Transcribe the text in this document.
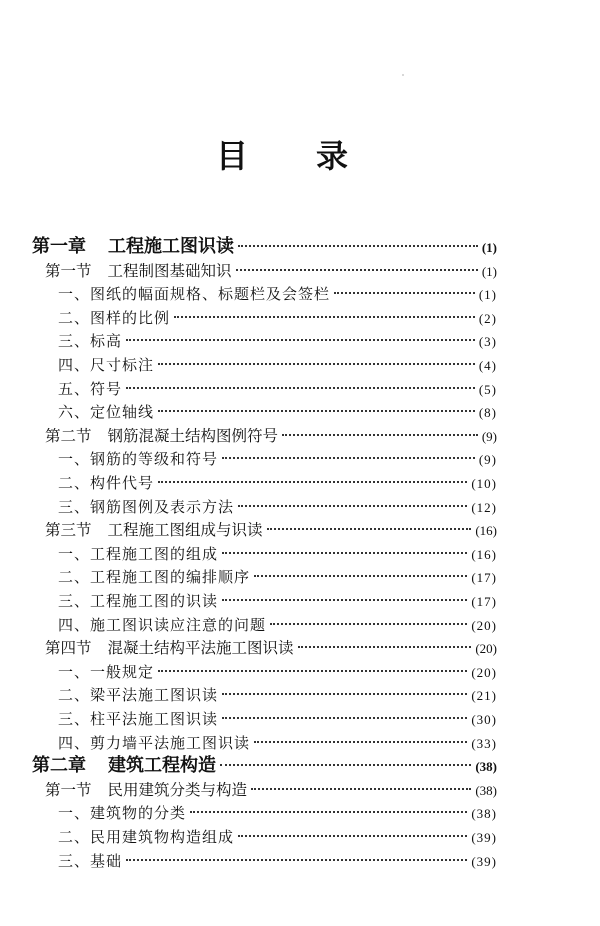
目 录
第一章 工程施工图识读	(1)
第一节 工程制图基础知识	(1)
一、 图纸的幅面规格、标题栏及会签栏	(1)
二、 图样的比例	(2)
三、 标高	(3)
四、 尺寸标注	(4)
五、 符号	(5)
六、 定位轴线	(8)
第二节 钢筋混凝土结构图例符号	(9)
一、 钢筋的等级和符号	(9)
二、 构件代号	(10)
三、 钢筋图例及表示方法	(12)
第三节 工程施工图组成与识读	(16)
一、 工程施工图的组成	(16)
二、 工程施工图的编排顺序	(17)
三、 工程施工图的识读	(17)
四、 施工图识读应注意的问题	(20)
第四节 混凝土结构平法施工图识读	(20)
一、 一般规定	(20)
二、 梁平法施工图识读	(21)
三、 柱平法施工图识读	(30)
四、 剪力墙平法施工图识读	(33)
第二章 建筑工程构造	(38)
第一节 民用建筑分类与构造	(38)
一、 建筑物的分类	(38)
二、 民用建筑物构造组成	(39)
三、 基础	(39)
